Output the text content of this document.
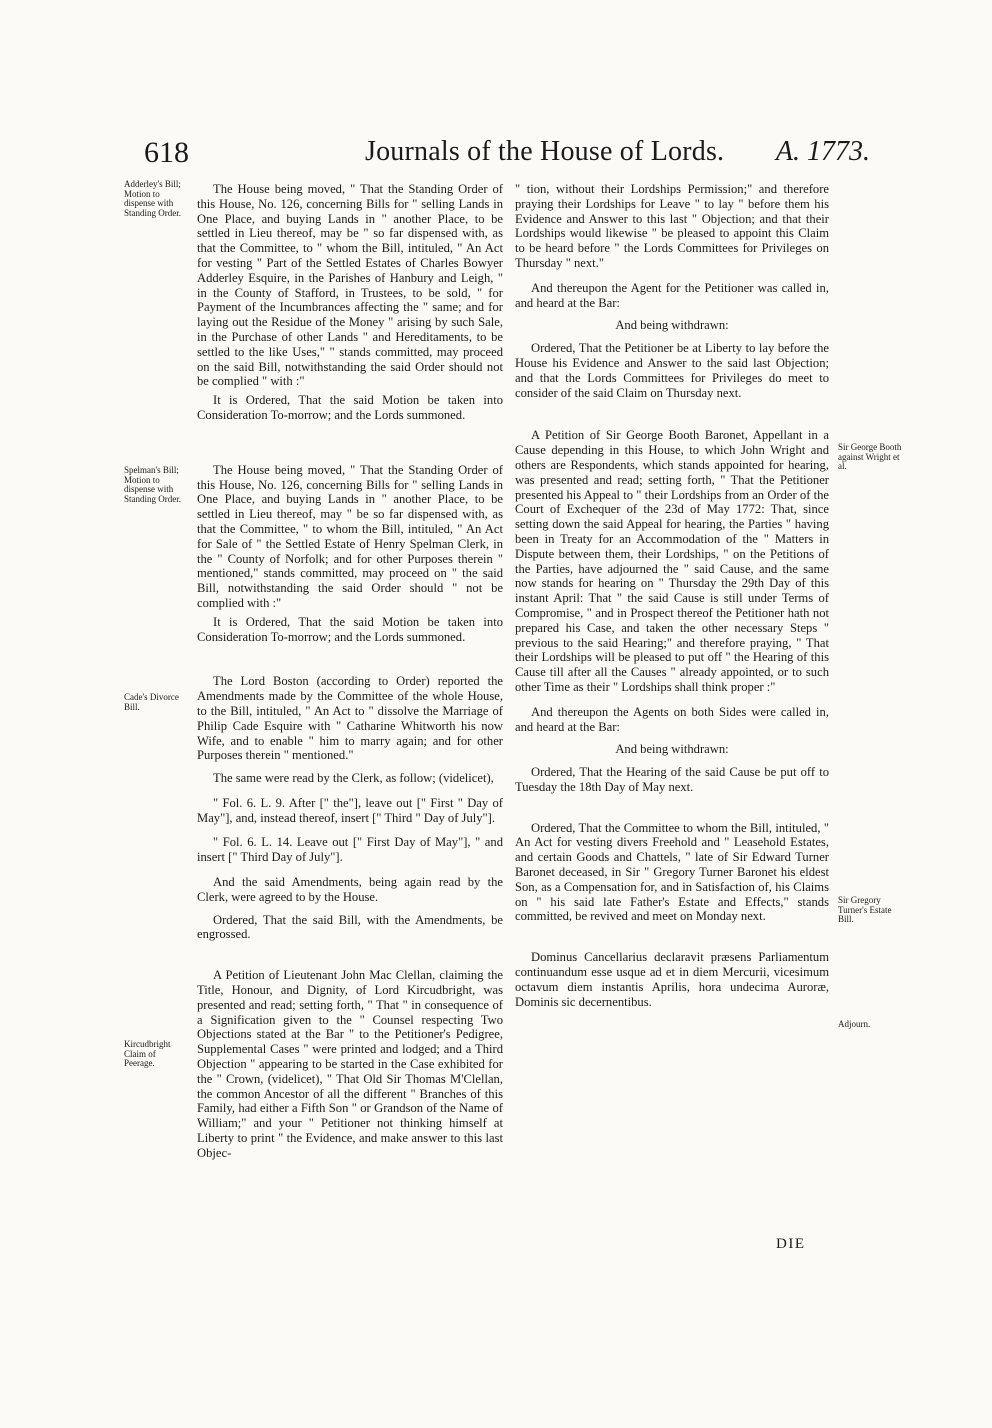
618	Journals of the House of Lords. A. 1773.
Adderley's Bill; Motion to dispense with Standing Order.
Spelman's Bill; Motion to dispense with Standing Order.
Cade's Divorce Bill.
Kircudbright Claim of Peerage.
Sir George Booth against Wright et al.
Sir Gregory Turner's Estate Bill.
Adjourn.

The House being moved, " That the Standing Order of this House, No. 126, concerning Bills for " selling Lands in One Place, and buying Lands in " another Place, to be settled in Lieu thereof, may be " so far dispensed with, as that the Committee, to " whom the Bill, intituled, " An Act for vesting " Part of the Settled Estates of Charles Bowyer Adderley Esquire, in the Parishes of Hanbury and Leigh, " in the County of Stafford, in Trustees, to be sold, " for Payment of the Incumbrances affecting the " same; and for laying out the Residue of the Money " arising by such Sale, in the Purchase of other Lands " and Hereditaments, to be settled to the like Uses," " stands committed, may proceed on the said Bill, notwithstanding the said Order should not be complied " with :"

It is Ordered, That the said Motion be taken into Consideration To-morrow; and the Lords summoned.

The House being moved, " That the Standing Order of this House, No. 126, concerning Bills for " selling Lands in One Place, and buying Lands in " another Place, to be settled in Lieu thereof, may " be so far dispensed with, as that the Committee, " to whom the Bill, intituled, " An Act for Sale of " the Settled Estate of Henry Spelman Clerk, in the " County of Norfolk; and for other Purposes therein " mentioned," stands committed, may proceed on " the said Bill, notwithstanding the said Order should " not be complied with :"

It is Ordered, That the said Motion be taken into Consideration To-morrow; and the Lords summoned.

The Lord Boston (according to Order) reported the Amendments made by the Committee of the whole House, to the Bill, intituled, " An Act to " dissolve the Marriage of Philip Cade Esquire with " Catharine Whitworth his now Wife, and to enable " him to marry again; and for other Purposes therein " mentioned."

The same were read by the Clerk, as follow; (videlicet),

" Fol. 6. L. 9. After [" the"], leave out [" First " Day of May"], and, instead thereof, insert [" Third " Day of July"].

" Fol. 6. L. 14. Leave out [" First Day of May"], " and insert [" Third Day of July"].

And the said Amendments, being again read by the Clerk, were agreed to by the House.

Ordered, That the said Bill, with the Amendments, be engrossed.

A Petition of Lieutenant John Mac Clellan, claiming the Title, Honour, and Dignity, of Lord Kircudbright, was presented and read; setting forth, " That " in consequence of a Signification given to the " Counsel respecting Two Objections stated at the Bar " to the Petitioner's Pedigree, Supplemental Cases " were printed and lodged; and a Third Objection " appearing to be started in the Case exhibited for the " Crown, (videlicet), " That Old Sir Thomas M'Clellan, the common Ancestor of all the different " Branches of this Family, had either a Fifth Son " or Grandson of the Name of William;" and your " Petitioner not thinking himself at Liberty to print " the Evidence, and make answer to this last Objec-

" tion, without their Lordships Permission;" and therefore praying their Lordships for Leave " to lay " before them his Evidence and Answer to this last " Objection; and that their Lordships would likewise " be pleased to appoint this Claim to be heard before " the Lords Committees for Privileges on Thursday " next."

And thereupon the Agent for the Petitioner was called in, and heard at the Bar:

And being withdrawn:

Ordered, That the Petitioner be at Liberty to lay before the House his Evidence and Answer to the said last Objection; and that the Lords Committees for Privileges do meet to consider of the said Claim on Thursday next.

A Petition of Sir George Booth Baronet, Appellant in a Cause depending in this House, to which John Wright and others are Respondents, which stands appointed for hearing, was presented and read; setting forth, " That the Petitioner presented his Appeal to " their Lordships from an Order of the Court of Exchequer of the 23d of May 1772: That, since setting down the said Appeal for hearing, the Parties " having been in Treaty for an Accommodation of the " Matters in Dispute between them, their Lordships, " on the Petitions of the Parties, have adjourned the " said Cause, and the same now stands for hearing on " Thursday the 29th Day of this instant April: That " the said Cause is still under Terms of Compromise, " and in Prospect thereof the Petitioner hath not prepared his Case, and taken the other necessary Steps " previous to the said Hearing;" and therefore praying, " That their Lordships will be pleased to put off " the Hearing of this Cause till after all the Causes " already appointed, or to such other Time as their " Lordships shall think proper :"

And thereupon the Agents on both Sides were called in, and heard at the Bar:

And being withdrawn:

Ordered, That the Hearing of the said Cause be put off to Tuesday the 18th Day of May next.

Ordered, That the Committee to whom the Bill, intituled, " An Act for vesting divers Freehold and " Leasehold Estates, and certain Goods and Chattels, " late of Sir Edward Turner Baronet deceased, in Sir " Gregory Turner Baronet his eldest Son, as a Compensation for, and in Satisfaction of, his Claims on " his said late Father's Estate and Effects," stands committed, be revived and meet on Monday next.

Dominus Cancellarius declaravit præsens Parliamentum continuandum esse usque ad et in diem Mercurii, vicesimum octavum diem instantis Aprilis, hora undecima Auroræ, Dominis sic decernentibus.

DIE
